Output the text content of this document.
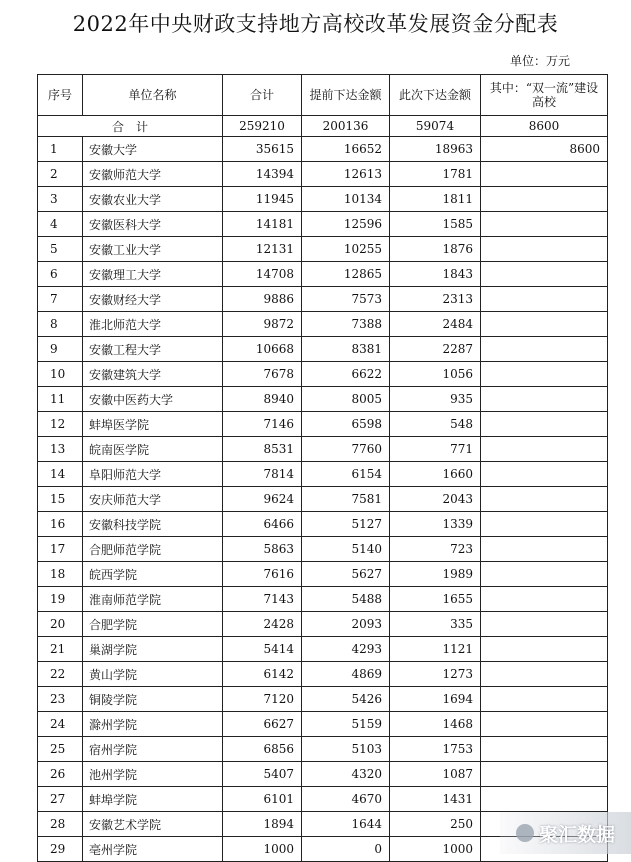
2022年中央财政支持地方高校改革发展资金分配表
单位：万元
序号	单位名称	合计	提前下达金额	此次下达金额	其中：“双一流”建设高校
合　计		259210	200136	59074	8600
1	安徽大学	35615	16652	18963	8600
2	安徽师范大学	14394	12613	1781	
3	安徽农业大学	11945	10134	1811	
4	安徽医科大学	14181	12596	1585	
5	安徽工业大学	12131	10255	1876	
6	安徽理工大学	14708	12865	1843	
7	安徽财经大学	9886	7573	2313	
8	淮北师范大学	9872	7388	2484	
9	安徽工程大学	10668	8381	2287	
10	安徽建筑大学	7678	6622	1056	
11	安徽中医药大学	8940	8005	935	
12	蚌埠医学院	7146	6598	548	
13	皖南医学院	8531	7760	771	
14	阜阳师范大学	7814	6154	1660	
15	安庆师范大学	9624	7581	2043	
16	安徽科技学院	6466	5127	1339	
17	合肥师范学院	5863	5140	723	
18	皖西学院	7616	5627	1989	
19	淮南师范学院	7143	5488	1655	
20	合肥学院	2428	2093	335	
21	巢湖学院	5414	4293	1121	
22	黄山学院	6142	4869	1273	
23	铜陵学院	7120	5426	1694	
24	滁州学院	6627	5159	1468	
25	宿州学院	6856	5103	1753	
26	池州学院	5407	4320	1087	
27	蚌埠学院	6101	4670	1431	
28	安徽艺术学院	1894	1644	250	
29	亳州学院	1000	0	1000	
聚汇数据
